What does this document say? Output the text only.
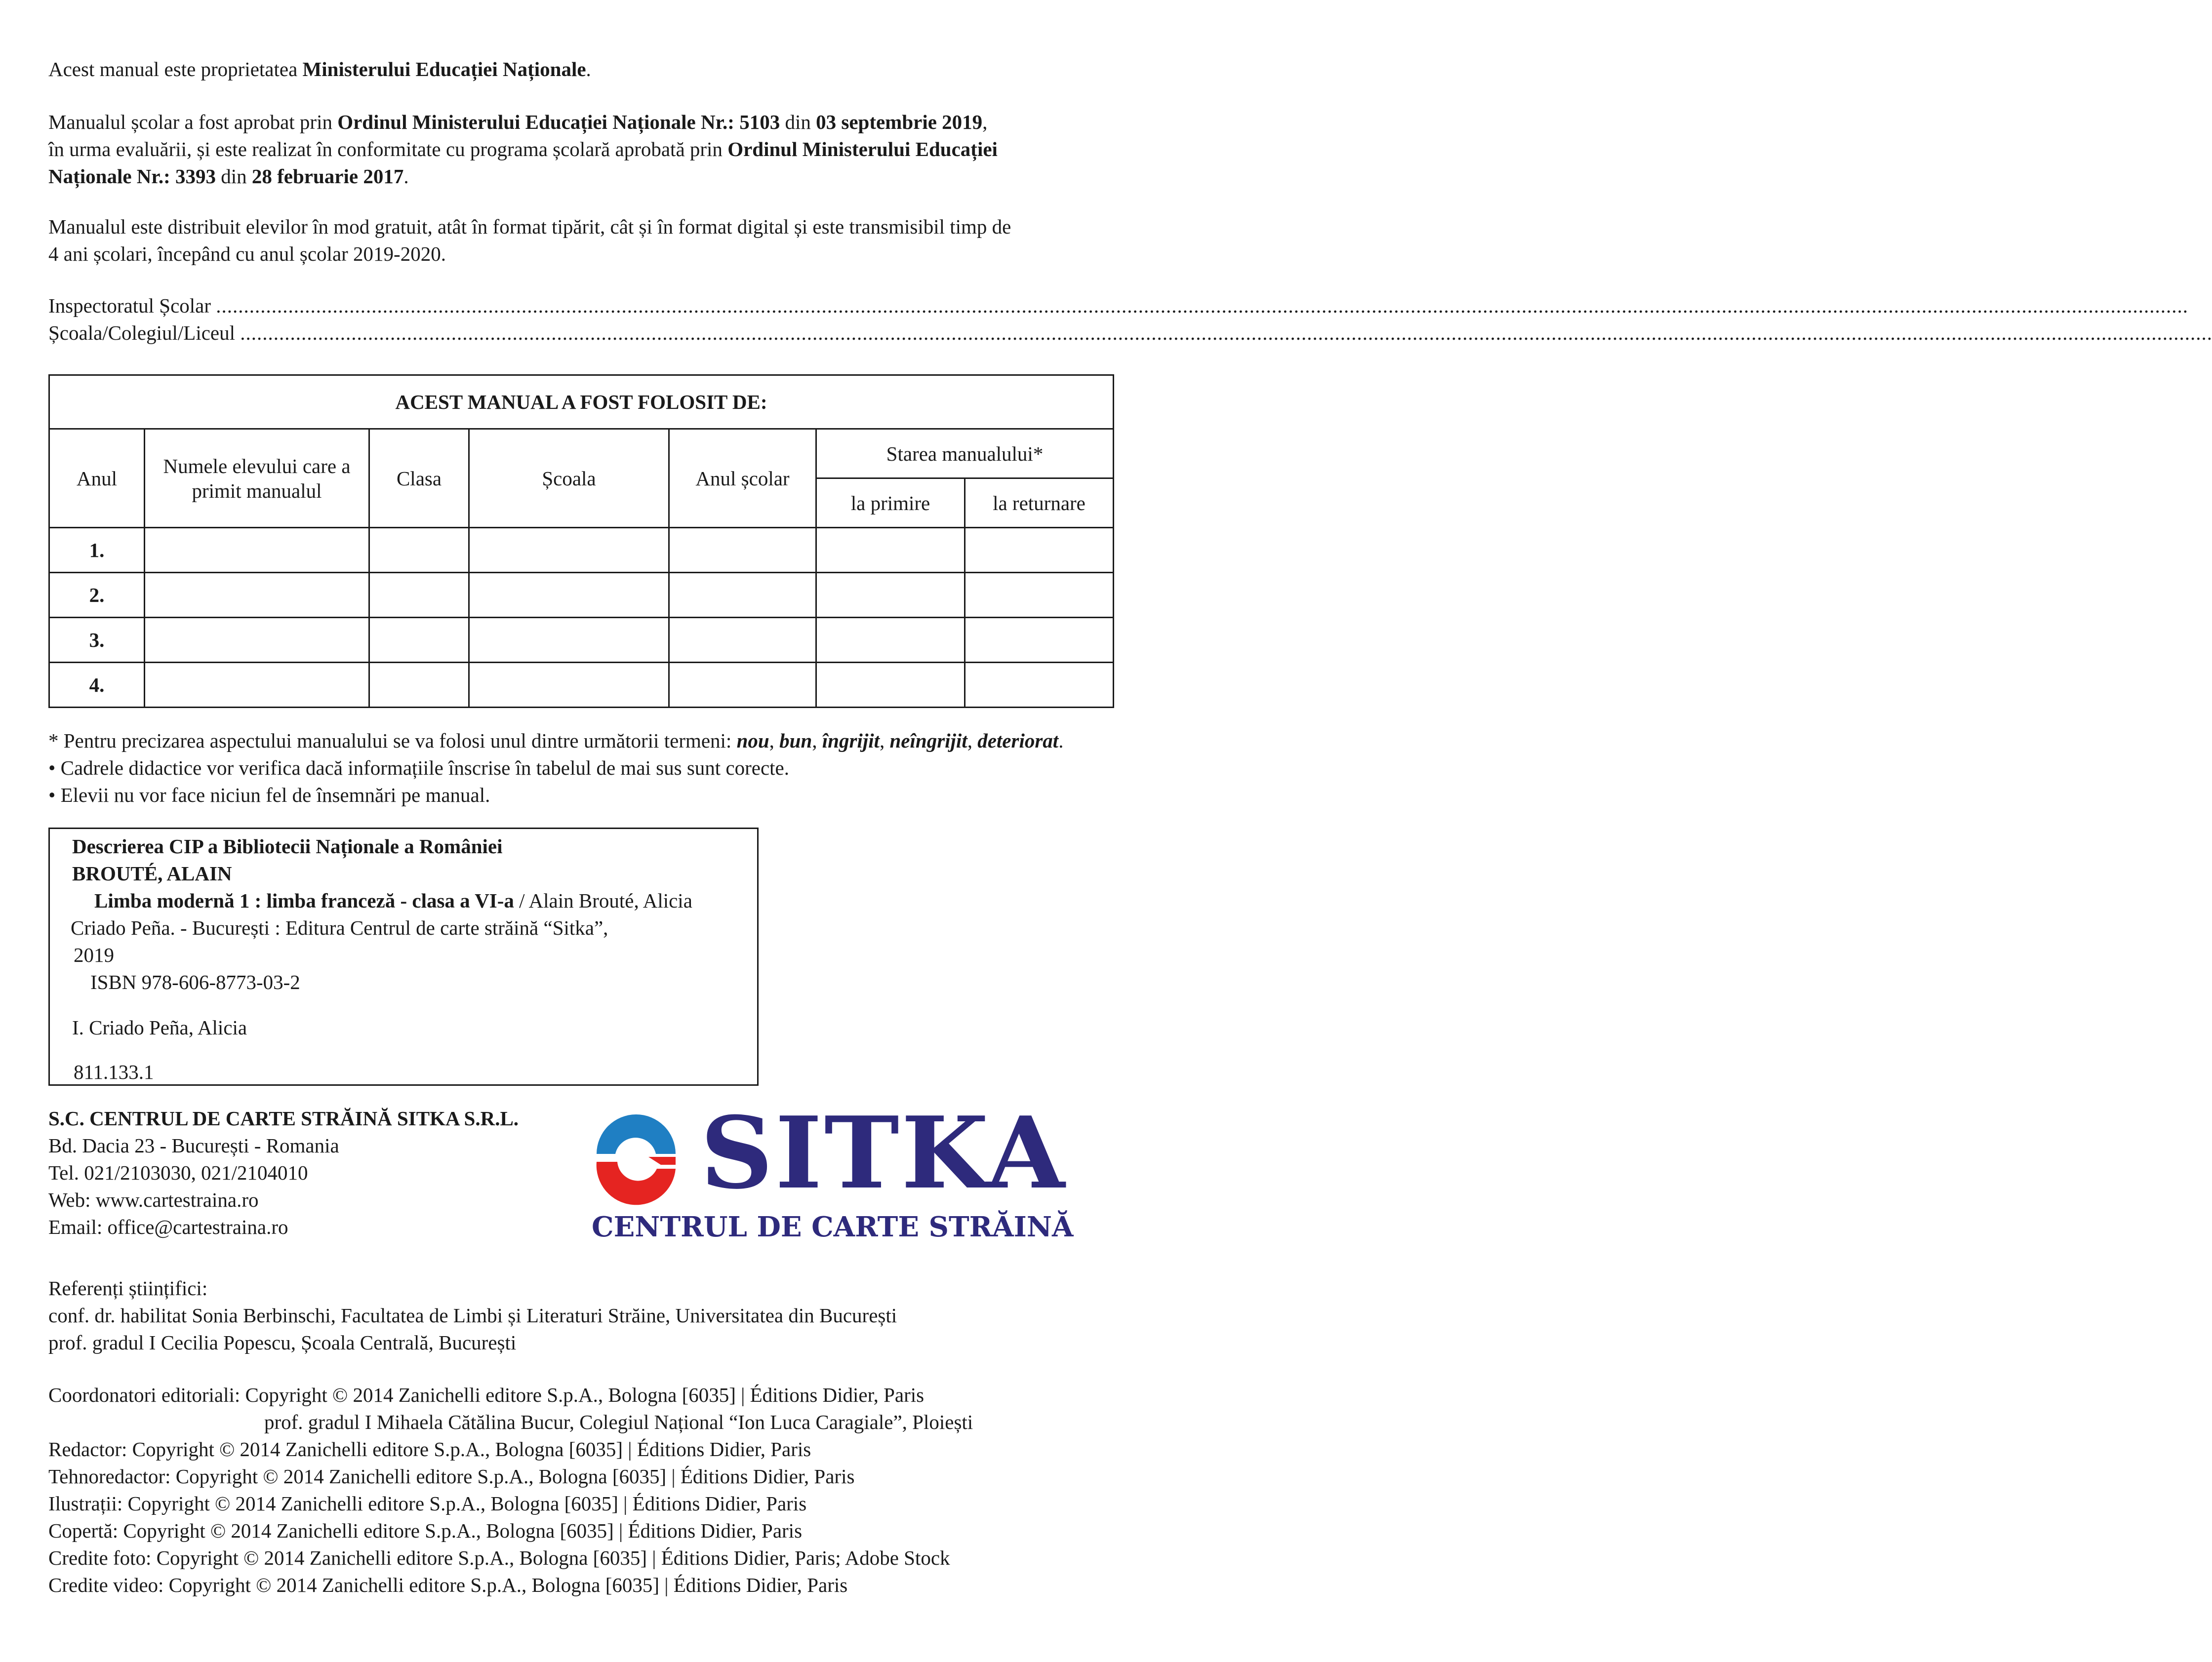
Acest manual este proprietatea Ministerului Educației Naționale.

Manualul școlar a fost aprobat prin Ordinul Ministerului Educației Naționale Nr.: 5103 din 03 septembrie 2019,

în urma evaluării, și este realizat în conformitate cu programa școlară aprobată prin Ordinul Ministerului Educației

Naționale Nr.: 3393 din 28 februarie 2017.

Manualul este distribuit elevilor în mod gratuit, atât în format tipărit, cât și în format digital și este transmisibil timp de

4 ani școlari, începând cu anul școlar 2019-2020.

Inspectoratul Școlar
.................................................................................................................................................................................................................................................................................................................................................................. .
Școala/Colegiul/Liceul
.................................................................................................................................................................................................................................................................................................................................................................. .
ACEST MANUAL A FOST FOLOSIT DE:						
Anul	Numele elevului care a primit manualul	Clasa	Școala	Anul școlar	Starea manualului*	
					la primire	la returnare
1.						
2.						
3.						
4.						

* Pentru precizarea aspectului manualului se va folosi unul dintre următorii termeni: nou, bun, îngrijit, neîngrijit, deteriorat.

• Cadrele didactice vor verifica dacă informațiile înscrise în tabelul de mai sus sunt corecte.

• Elevii nu vor face niciun fel de însemnări pe manual.

Descrierea CIP a Bibliotecii Naționale a României

BROUTÉ, ALAIN

Limba modernă 1 : limba franceză - clasa a VI-a / Alain Brouté, Alicia

Criado Peña. - București : Editura Centrul de carte străină “Sitka”,

2019

ISBN 978-606-8773-03-2

I. Criado Peña, Alicia

811.133.1

S.C. CENTRUL DE CARTE STRĂINĂ SITKA S.R.L.

Bd. Dacia 23 - București - Romania

Tel. 021/2103030, 021/2104010

Web: www.cartestraina.ro

Email: office@cartestraina.ro

SITKA
CENTRUL DE CARTE STRĂINĂ

Referenți științifici:

conf. dr. habilitat Sonia Berbinschi, Facultatea de Limbi și Literaturi Străine, Universitatea din București

prof. gradul I Cecilia Popescu, Școala Centrală, București

Coordonatori editoriali: Copyright © 2014 Zanichelli editore S.p.A., Bologna [6035] | Éditions Didier, Paris

prof. gradul I Mihaela Cătălina Bucur, Colegiul Național “Ion Luca Caragiale”, Ploiești

Redactor: Copyright © 2014 Zanichelli editore S.p.A., Bologna [6035] | Éditions Didier, Paris

Tehnoredactor: Copyright © 2014 Zanichelli editore S.p.A., Bologna [6035] | Éditions Didier, Paris

Ilustrații: Copyright © 2014 Zanichelli editore S.p.A., Bologna [6035] | Éditions Didier, Paris

Copertă: Copyright © 2014 Zanichelli editore S.p.A., Bologna [6035] | Éditions Didier, Paris

Credite foto: Copyright © 2014 Zanichelli editore S.p.A., Bologna [6035] | Éditions Didier, Paris; Adobe Stock

Credite video: Copyright © 2014 Zanichelli editore S.p.A., Bologna [6035] | Éditions Didier, Paris
